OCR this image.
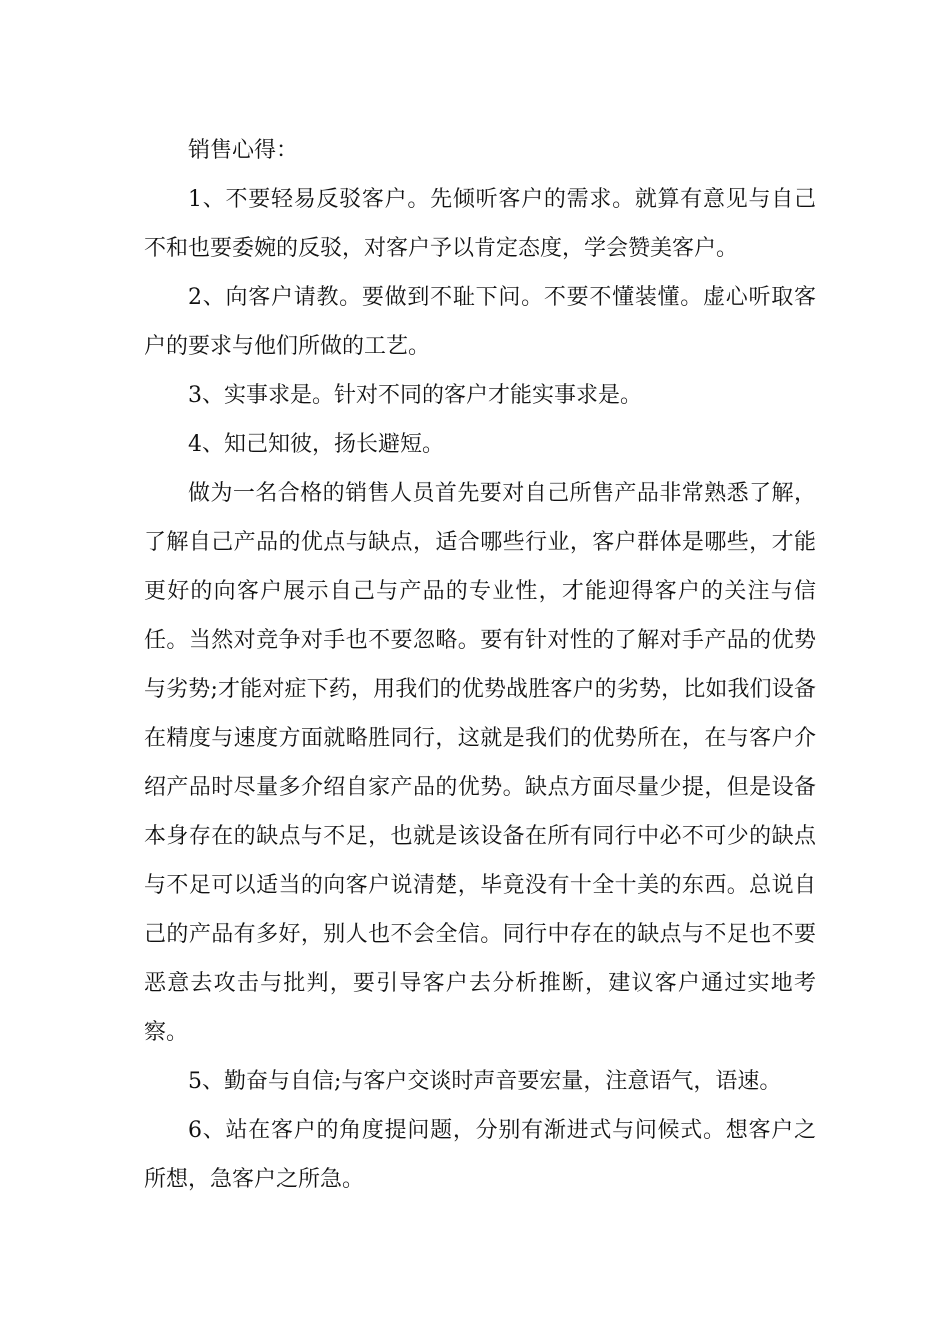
销售心得：

1、不要轻易反驳客户。先倾听客户的需求。就算有意见与自己不和也要委婉的反驳，对客户予以肯定态度，学会赞美客户。

2、向客户请教。要做到不耻下问。不要不懂装懂。虚心听取客户的要求与他们所做的工艺。

3、实事求是。针对不同的客户才能实事求是。

4、知己知彼，扬长避短。

做为一名合格的销售人员首先要对自己所售产品非常熟悉了解，了解自己产品的优点与缺点，适合哪些行业，客户群体是哪些，才能更好的向客户展示自己与产品的专业性，才能迎得客户的关注与信任。当然对竞争对手也不要忽略。要有针对性的了解对手产品的优势与劣势;才能对症下药，用我们的优势战胜客户的劣势，比如我们设备在精度与速度方面就略胜同行，这就是我们的优势所在，在与客户介绍产品时尽量多介绍自家产品的优势。缺点方面尽量少提，但是设备本身存在的缺点与不足，也就是该设备在所有同行中必不可少的缺点与不足可以适当的向客户说清楚，毕竟没有十全十美的东西。总说自己的产品有多好，别人也不会全信。同行中存在的缺点与不足也不要恶意去攻击与批判，要引导客户去分析推断，建议客户通过实地考察。

5、勤奋与自信;与客户交谈时声音要宏量，注意语气，语速。

6、站在客户的角度提问题，分别有渐进式与问候式。想客户之所想，急客户之所急。
